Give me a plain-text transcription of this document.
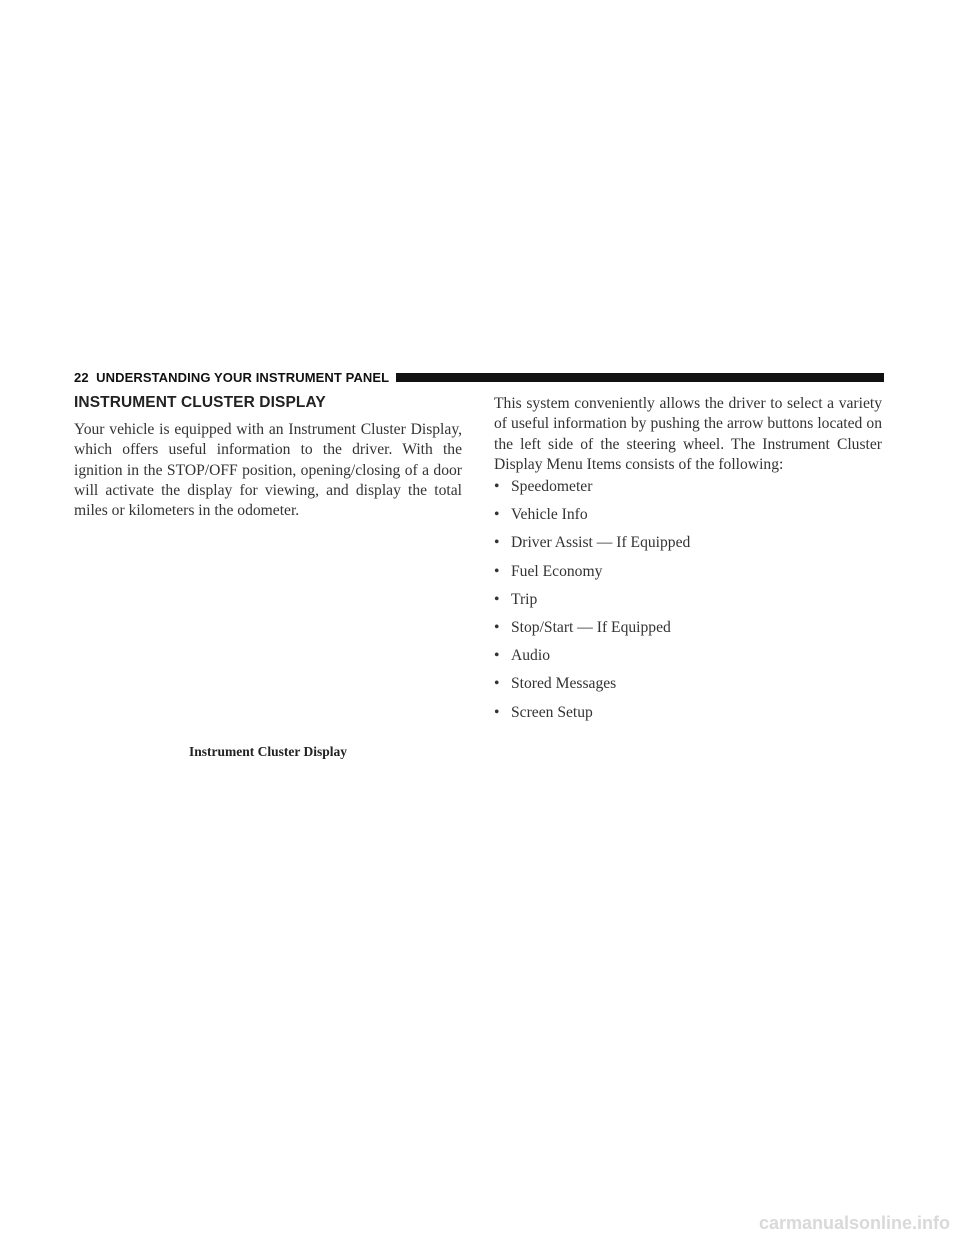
22 UNDERSTANDING YOUR INSTRUMENT PANEL
INSTRUMENT CLUSTER DISPLAY

Your vehicle is equipped with an Instrument Cluster Display, which offers useful information to the driver. With the ignition in the STOP/OFF position, opening/closing of a door will activate the display for viewing, and display the total miles or kilometers in the odometer.

Instrument Cluster Display

This system conveniently allows the driver to select a variety of useful information by pushing the arrow buttons located on the left side of the steering wheel. The Instrument Cluster Display Menu Items consists of the following:

• Speedometer
• Vehicle Info
• Driver Assist — If Equipped
• Fuel Economy
• Trip
• Stop/Start — If Equipped
• Audio
• Stored Messages
• Screen Setup
carmanualsonline.info
